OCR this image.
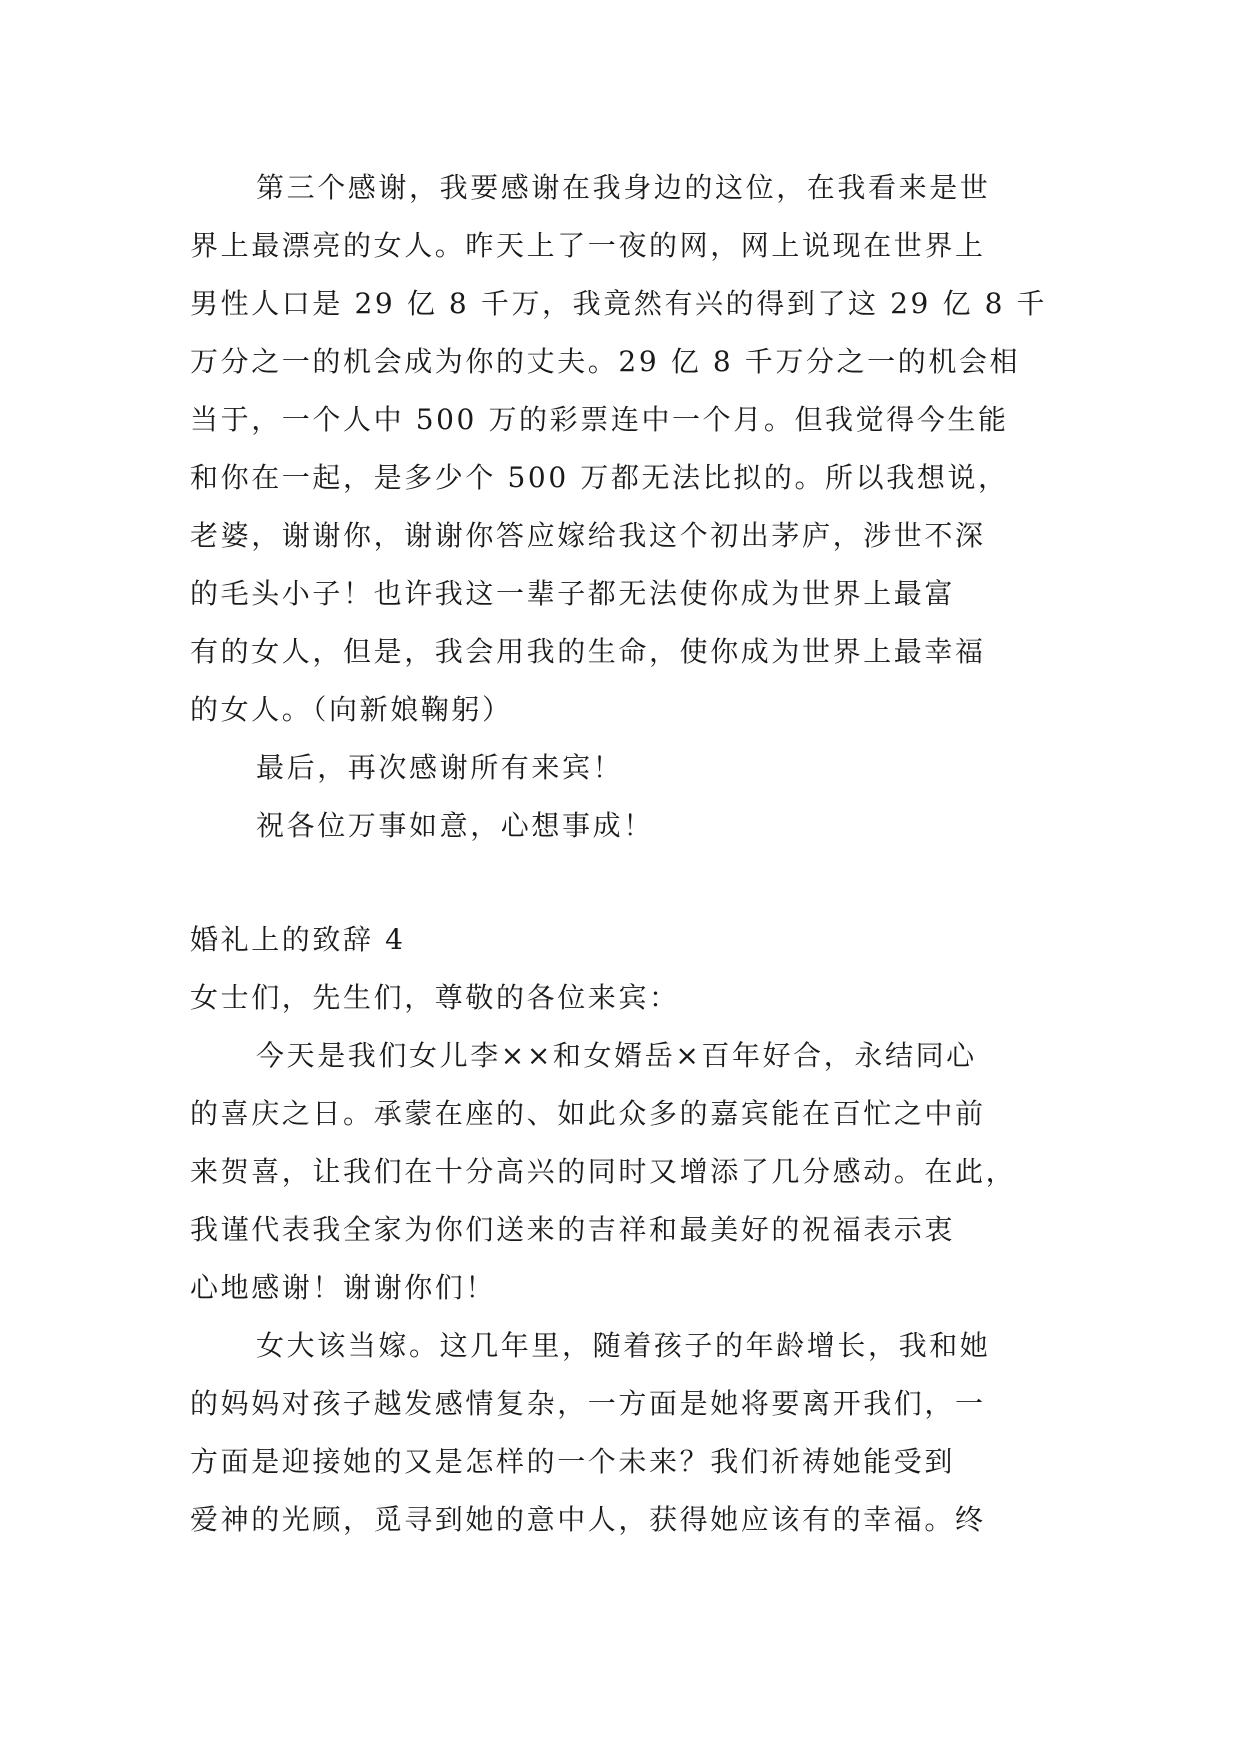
第三个感谢，我要感谢在我身边的这位，在我看来是世
界上最漂亮的女人。昨天上了一夜的网，网上说现在世界上
男性人口是 29 亿 8 千万，我竟然有兴的得到了这 29 亿 8 千
万分之一的机会成为你的丈夫。29 亿 8 千万分之一的机会相
当于，一个人中 500 万的彩票连中一个月。但我觉得今生能
和你在一起，是多少个 500 万都无法比拟的。所以我想说，
老婆，谢谢你，谢谢你答应嫁给我这个初出茅庐，涉世不深
的毛头小子！也许我这一辈子都无法使你成为世界上最富
有的女人，但是，我会用我的生命，使你成为世界上最幸福
的女人。（向新娘鞠躬）
最后，再次感谢所有来宾！
祝各位万事如意，心想事成！
婚礼上的致辞 4
女士们，先生们，尊敬的各位来宾：
今天是我们女儿李××和女婿岳×百年好合，永结同心
的喜庆之日。承蒙在座的、如此众多的嘉宾能在百忙之中前
来贺喜，让我们在十分高兴的同时又增添了几分感动。在此，
我谨代表我全家为你们送来的吉祥和最美好的祝福表示衷
心地感谢！谢谢你们！
女大该当嫁。这几年里，随着孩子的年龄增长，我和她
的妈妈对孩子越发感情复杂，一方面是她将要离开我们，一
方面是迎接她的又是怎样的一个未来？我们祈祷她能受到
爱神的光顾，觅寻到她的意中人，获得她应该有的幸福。终
